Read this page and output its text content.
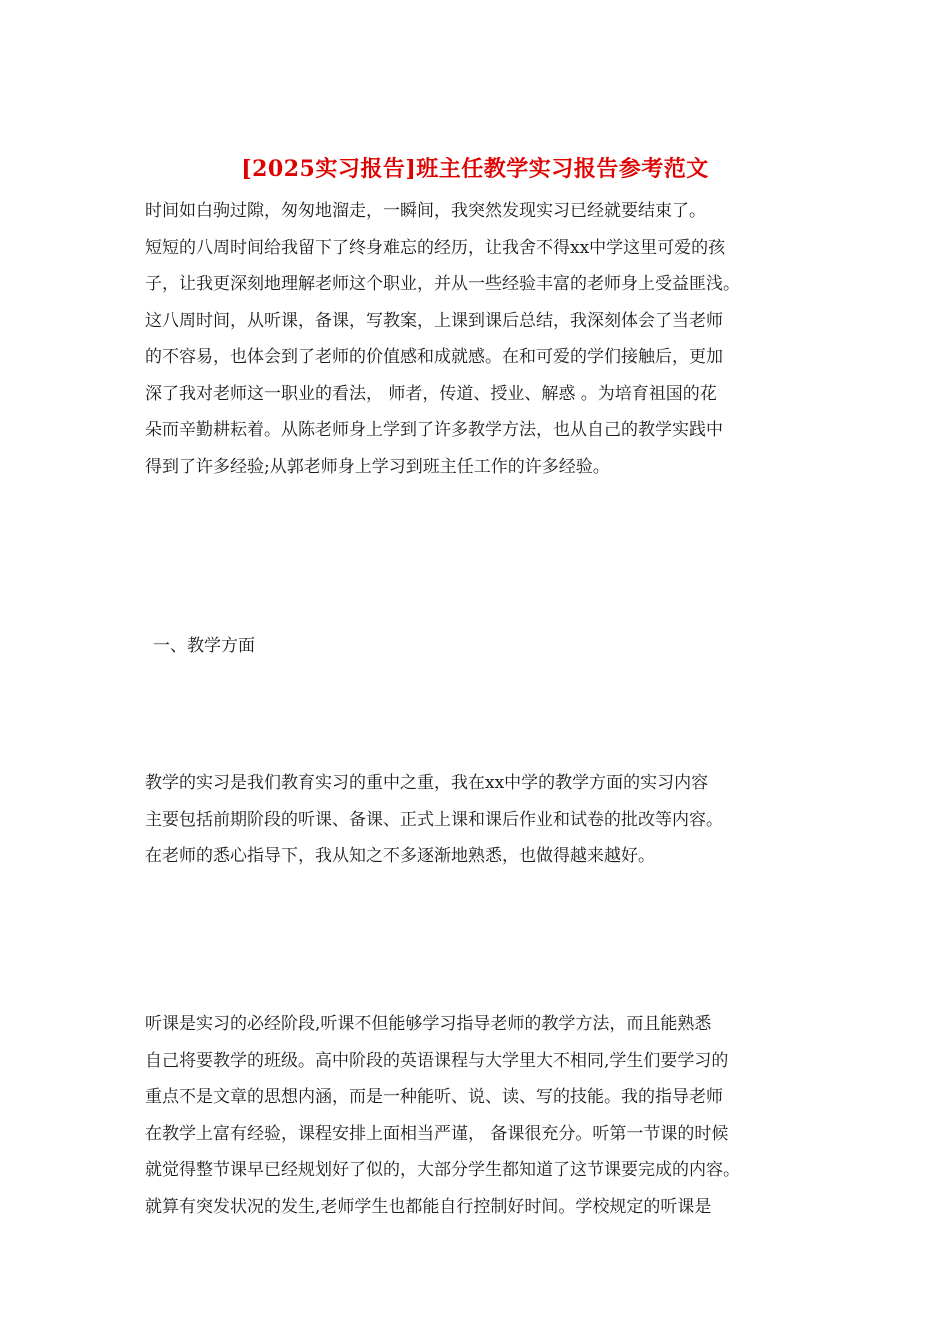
[2025实习报告]班主任教学实习报告参考范文
时间如白驹过隙，匆匆地溜走，一瞬间，我突然发现实习已经就要结束了。
短短的八周时间给我留下了终身难忘的经历，让我舍不得xx中学这里可爱的孩
子，让我更深刻地理解老师这个职业，并从一些经验丰富的老师身上受益匪浅。
这八周时间，从听课，备课，写教案，上课到课后总结，我深刻体会了当老师
的不容易，也体会到了老师的价值感和成就感。在和可爱的学们接触后，更加
深了我对老师这一职业的看法， 师者，传道、授业、解惑 。为培育祖国的花
朵而辛勤耕耘着。从陈老师身上学到了许多教学方法，也从自己的教学实践中
得到了许多经验;从郭老师身上学习到班主任工作的许多经验。
一、教学方面
教学的实习是我们教育实习的重中之重，我在xx中学的教学方面的实习内容
主要包括前期阶段的听课、备课、正式上课和课后作业和试卷的批改等内容。
在老师的悉心指导下，我从知之不多逐渐地熟悉，也做得越来越好。
听课是实习的必经阶段,听课不但能够学习指导老师的教学方法，而且能熟悉
自己将要教学的班级。高中阶段的英语课程与大学里大不相同,学生们要学习的
重点不是文章的思想内涵，而是一种能听、说、读、写的技能。我的指导老师
在教学上富有经验，课程安排上面相当严谨， 备课很充分。听第一节课的时候
就觉得整节课早已经规划好了似的，大部分学生都知道了这节课要完成的内容。
就算有突发状况的发生,老师学生也都能自行控制好时间。学校规定的听课是
